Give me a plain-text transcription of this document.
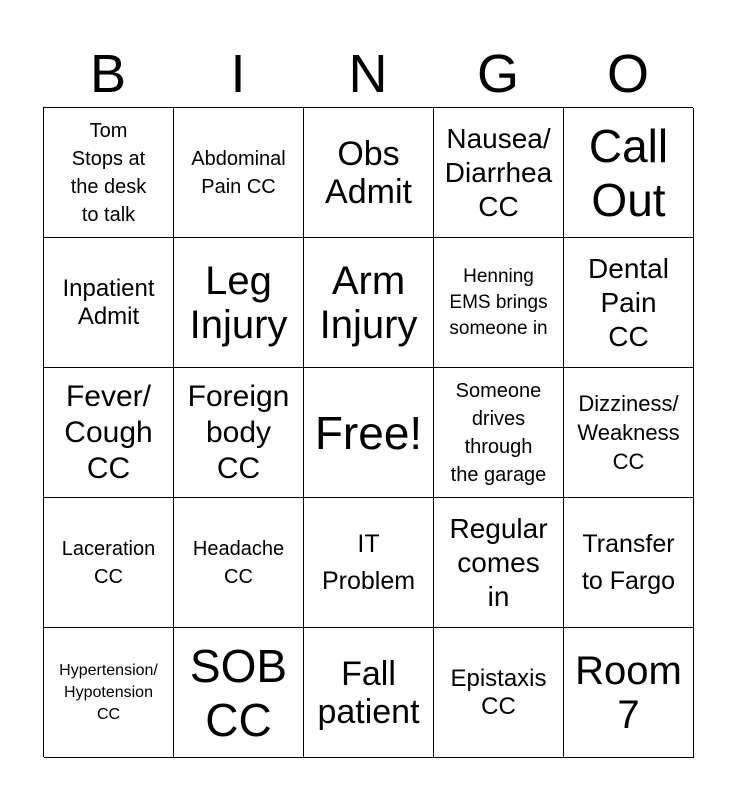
B	I	N	G	O
Tom
Stops at
the desk
to talk
Abdominal
Pain CC
Obs
Admit
Nausea/
Diarrhea
CC
Call
Out
Inpatient
Admit
Leg
Injury
Arm
Injury
Henning
EMS brings
someone in
Dental
Pain
CC
Fever/
Cough
CC
Foreign
body
CC
Free!
Someone
drives
through
the garage
Dizziness/
Weakness
CC
Laceration
CC
Headache
CC
IT
Problem
Regular
comes
in
Transfer
to Fargo
Hypertension/
Hypotension
CC
SOB
CC
Fall
patient
Epistaxis
CC
Room
7
